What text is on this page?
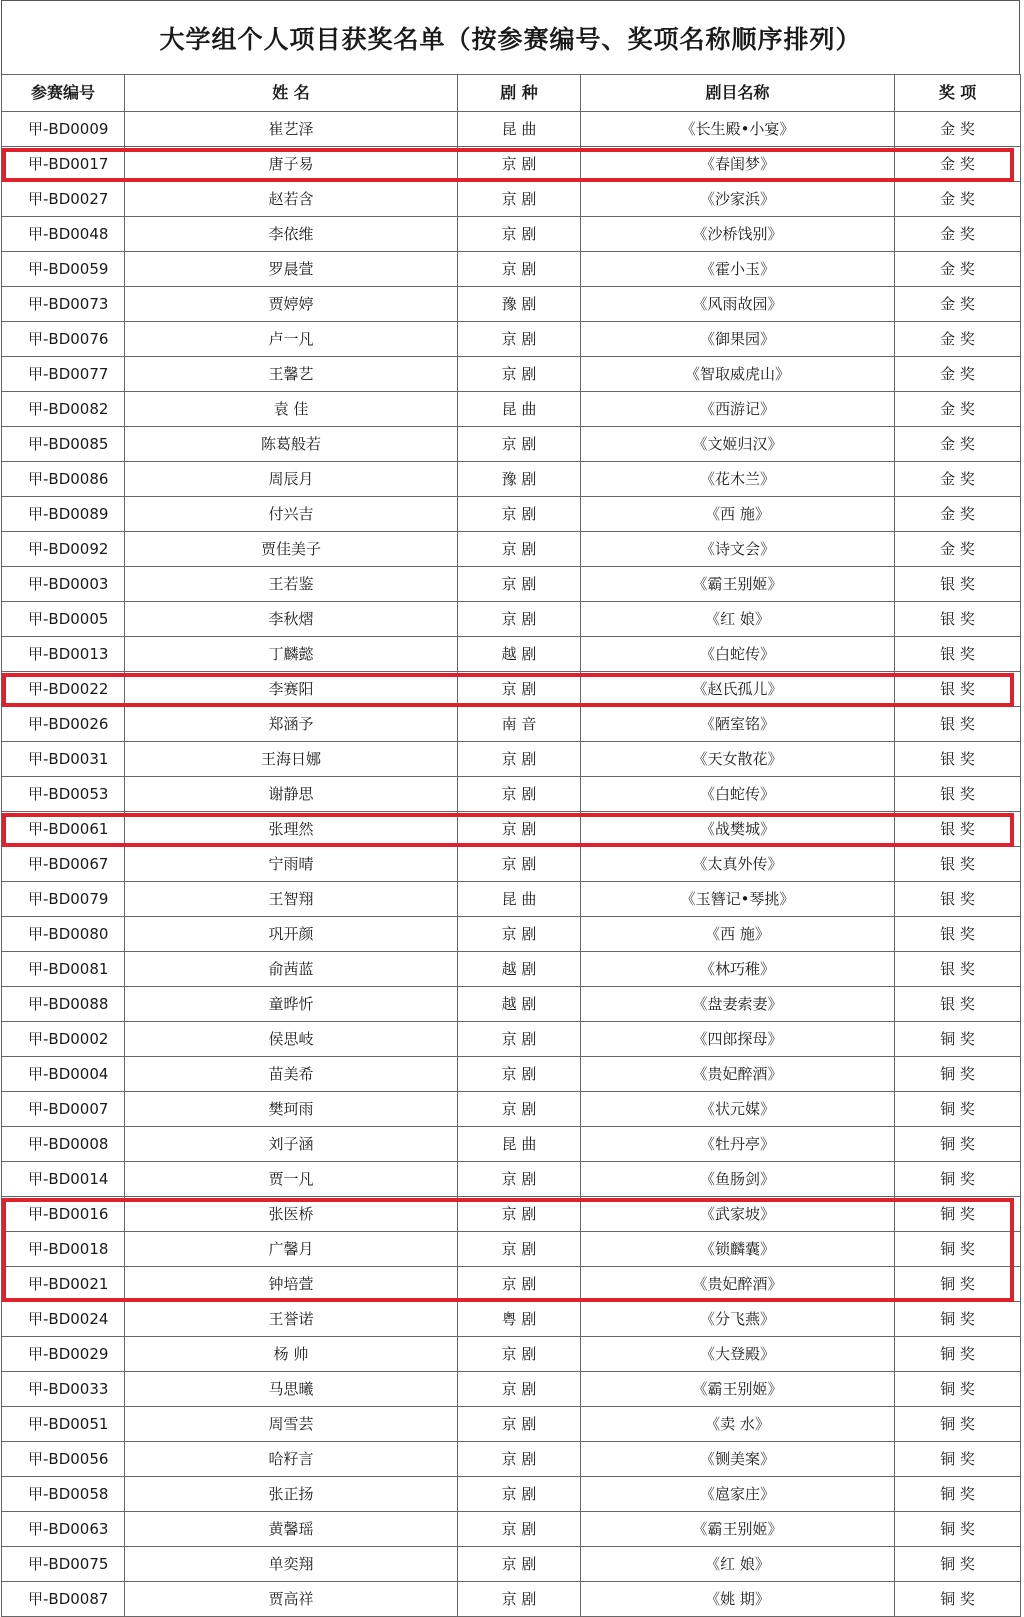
大学组个人项目获奖名单（按参赛编号、奖项名称顺序排列）
参赛编号	姓 名	剧 种	剧目名称	奖 项
甲-BD0009	崔艺泽	昆 曲	《长生殿•小宴》	金 奖
甲-BD0017	唐子易	京 剧	《春闺梦》	金 奖
甲-BD0027	赵若含	京 剧	《沙家浜》	金 奖
甲-BD0048	李依维	京 剧	《沙桥饯别》	金 奖
甲-BD0059	罗晨萱	京 剧	《霍小玉》	金 奖
甲-BD0073	贾婷婷	豫 剧	《风雨故园》	金 奖
甲-BD0076	卢一凡	京 剧	《御果园》	金 奖
甲-BD0077	王馨艺	京 剧	《智取威虎山》	金 奖
甲-BD0082	袁 佳	昆 曲	《西游记》	金 奖
甲-BD0085	陈葛般若	京 剧	《文姬归汉》	金 奖
甲-BD0086	周辰月	豫 剧	《花木兰》	金 奖
甲-BD0089	付兴吉	京 剧	《西 施》	金 奖
甲-BD0092	贾佳美子	京 剧	《诗文会》	金 奖
甲-BD0003	王若鉴	京 剧	《霸王别姬》	银 奖
甲-BD0005	李秋熠	京 剧	《红 娘》	银 奖
甲-BD0013	丁麟懿	越 剧	《白蛇传》	银 奖
甲-BD0022	李赛阳	京 剧	《赵氏孤儿》	银 奖
甲-BD0026	郑涵予	南 音	《陋室铭》	银 奖
甲-BD0031	王海日娜	京 剧	《天女散花》	银 奖
甲-BD0053	谢静思	京 剧	《白蛇传》	银 奖
甲-BD0061	张理然	京 剧	《战樊城》	银 奖
甲-BD0067	宁雨晴	京 剧	《太真外传》	银 奖
甲-BD0079	王智翔	昆 曲	《玉簪记•琴挑》	银 奖
甲-BD0080	巩开颜	京 剧	《西 施》	银 奖
甲-BD0081	俞茜蓝	越 剧	《林巧稚》	银 奖
甲-BD0088	童晔忻	越 剧	《盘妻索妻》	银 奖
甲-BD0002	侯思岐	京 剧	《四郎探母》	铜 奖
甲-BD0004	苗美希	京 剧	《贵妃醉酒》	铜 奖
甲-BD0007	樊珂雨	京 剧	《状元媒》	铜 奖
甲-BD0008	刘子涵	昆 曲	《牡丹亭》	铜 奖
甲-BD0014	贾一凡	京 剧	《鱼肠剑》	铜 奖
甲-BD0016	张医桥	京 剧	《武家坡》	铜 奖
甲-BD0018	广馨月	京 剧	《锁麟囊》	铜 奖
甲-BD0021	钟培萱	京 剧	《贵妃醉酒》	铜 奖
甲-BD0024	王誉诺	粤 剧	《分飞燕》	铜 奖
甲-BD0029	杨 帅	京 剧	《大登殿》	铜 奖
甲-BD0033	马思曦	京 剧	《霸王别姬》	铜 奖
甲-BD0051	周雪芸	京 剧	《卖 水》	铜 奖
甲-BD0056	哈籽言	京 剧	《铡美案》	铜 奖
甲-BD0058	张正扬	京 剧	《扈家庄》	铜 奖
甲-BD0063	黄馨瑶	京 剧	《霸王别姬》	铜 奖
甲-BD0075	单奕翔	京 剧	《红 娘》	铜 奖
甲-BD0087	贾高祥	京 剧	《姚 期》	铜 奖
